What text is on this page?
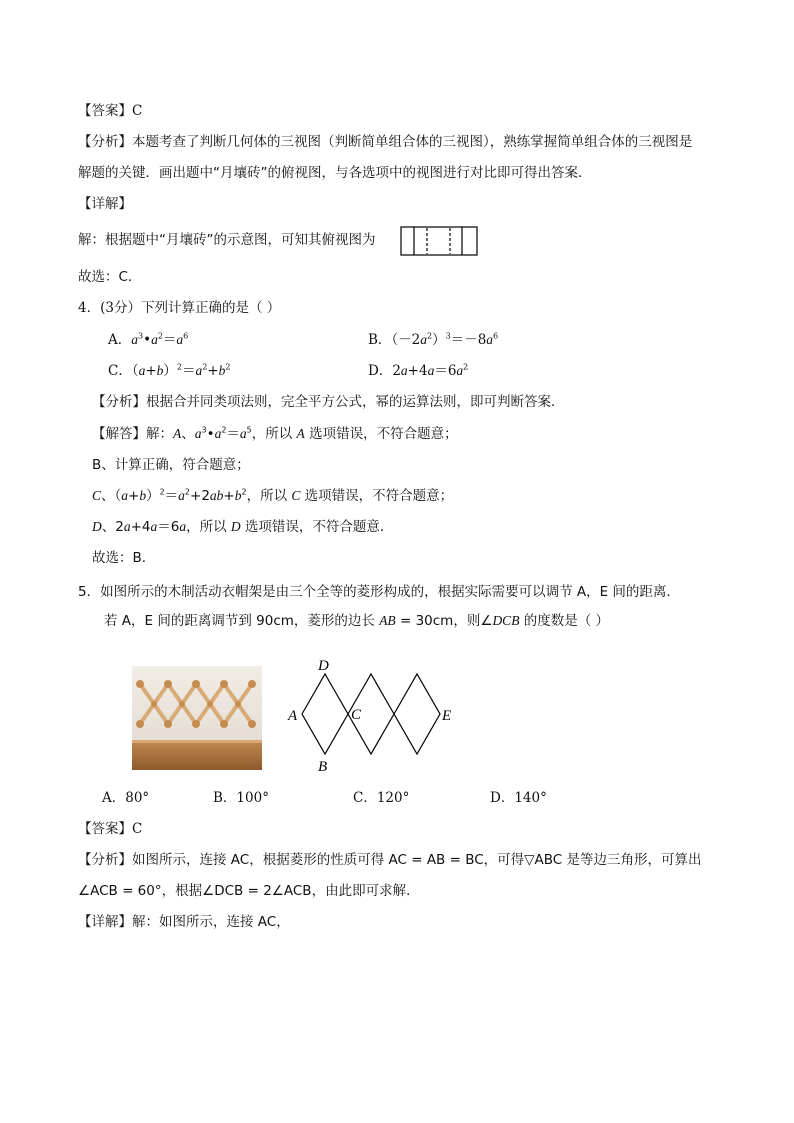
【答案】C
【分析】本题考查了判断几何体的三视图（判断简单组合体的三视图），熟练掌握简单组合体的三视图是
解题的关键．画出题中“月壤砖”的俯视图，与各选项中的视图进行对比即可得出答案．
【详解】
解：根据题中“月壤砖”的示意图，可知其俯视图为
故选：C．
4．(3分）下列计算正确的是（ ）
A．$a^3•a^2=a^6$	B．$(-2a^2)^3=-8a^6$
C．$(a+b)^2=a^2+b^2$	D．$2a+4a=6a^2$
【分析】根据合并同类项法则，完全平方公式，幂的运算法则，即可判断答案．
【解答】解：A、$a^3•a^2=a^5$，所以 A 选项错误，不符合题意；
B、计算正确，符合题意；
C、$(a+b)^2=a^2+2ab+b^2$，所以 C 选项错误，不符合题意；
D、2a+4a＝6a，所以 D 选项错误，不符合题意．
故选：B.
5．如图所示的木制活动衣帽架是由三个全等的菱形构成的，根据实际需要可以调节 A，E 间的距离．
若 A，E 间的距离调节到 90cm，菱形的边长 AB = 30cm，则∠DCB 的度数是（ ）
D
A	C	E
B
A．80°	B．100°	C．120°	D．140°
【答案】C
【分析】如图所示，连接 AC，根据菱形的性质可得 AC = AB = BC，可得▽ABC 是等边三角形，可算出
∠ACB = 60°，根据∠DCB = 2∠ACB，由此即可求解．
【详解】解：如图所示，连接 AC，
